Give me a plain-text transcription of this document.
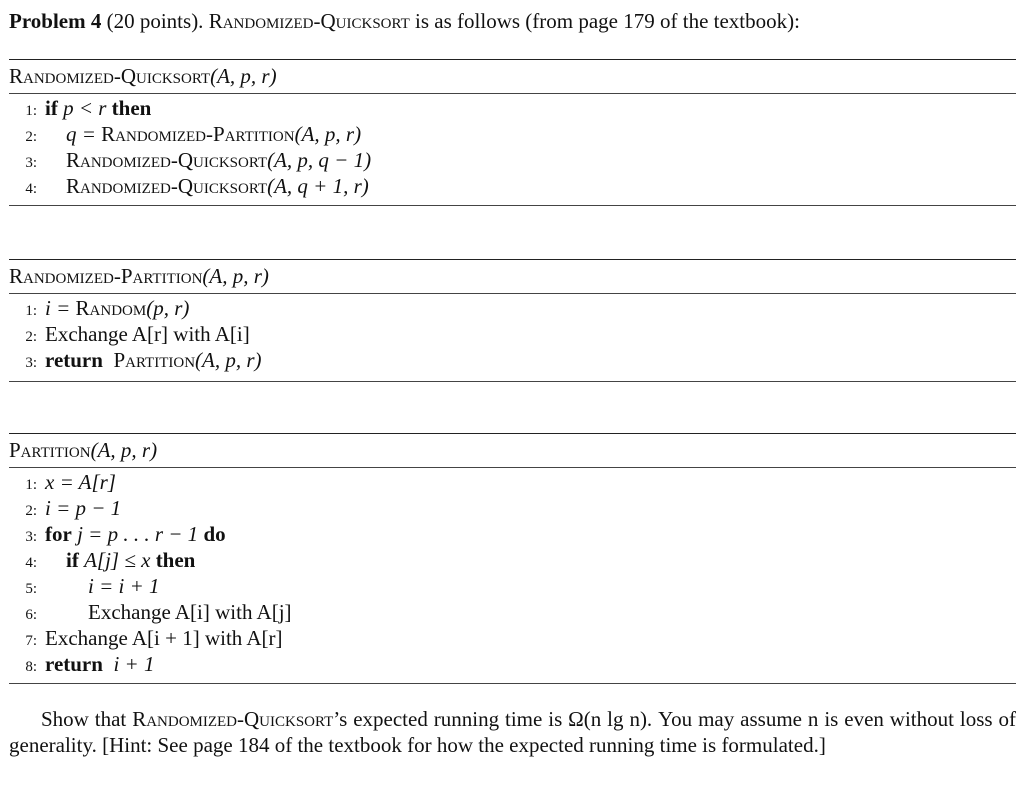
Problem 4 (20 points). Randomized-Quicksort is as follows (from page 179 of the textbook):
Randomized-Quicksort(A, p, r)
1: if p < r then
2: q = Randomized-Partition(A, p, r)
3: Randomized-Quicksort(A, p, q − 1)
4: Randomized-Quicksort(A, q + 1, r)
Randomized-Partition(A, p, r)
1: i = Random(p, r)
2: Exchange A[r] with A[i]
3: return Partition(A, p, r)
Partition(A, p, r)
1: x = A[r]
2: i = p − 1
3: for j = p . . . r − 1 do
4: if A[j] ≤ x then
5: i = i + 1
6: Exchange A[i] with A[j]
7: Exchange A[i + 1] with A[r]
8: return i + 1
Show that Randomized-Quicksort’s expected running time is Ω(n lg n). You may assume n is even without loss of generality. [Hint: See page 184 of the textbook for how the expected running time is formulated.]
